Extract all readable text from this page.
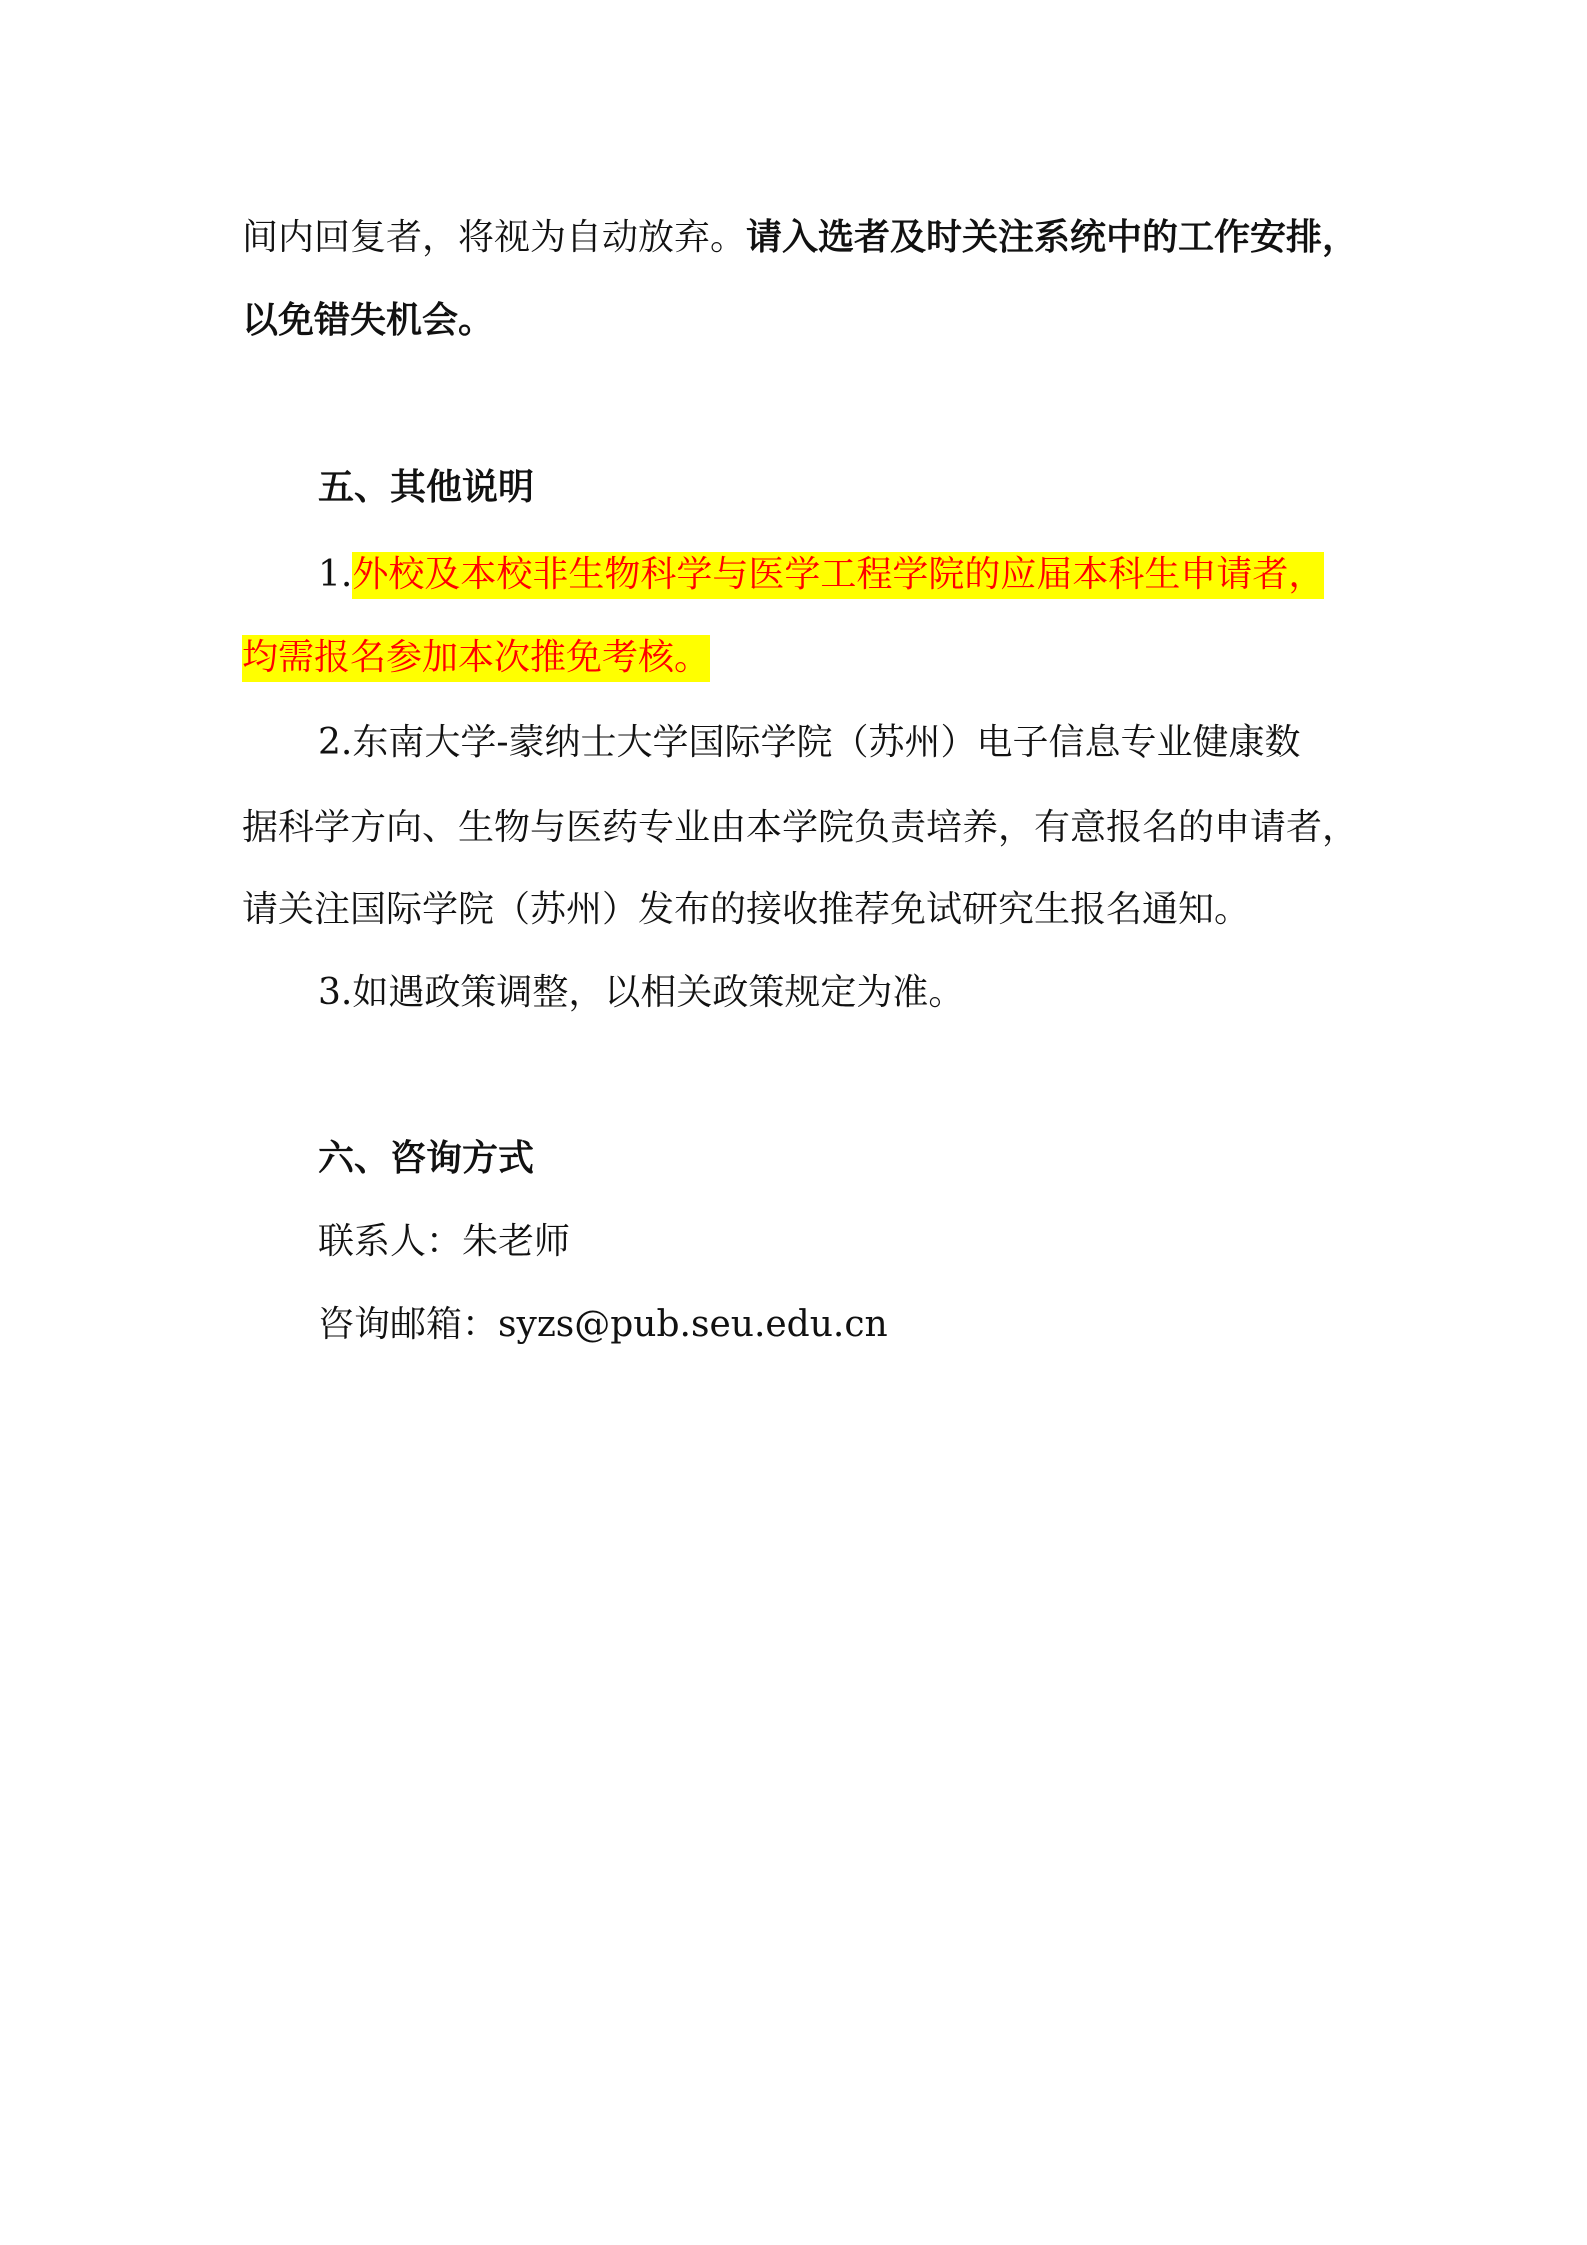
间内回复者，将视为自动放弃。请入选者及时关注系统中的工作安排，
以免错失机会。
五、其他说明
1.外校及本校非生物科学与医学工程学院的应届本科生申请者，
均需报名参加本次推免考核。
2.东南大学-蒙纳士大学国际学院（苏州）电子信息专业健康数
据科学方向、生物与医药专业由本学院负责培养，有意报名的申请者，
请关注国际学院（苏州）发布的接收推荐免试研究生报名通知。
3.如遇政策调整，以相关政策规定为准。
六、咨询方式
联系人：朱老师
咨询邮箱：syzs@pub.seu.edu.cn
